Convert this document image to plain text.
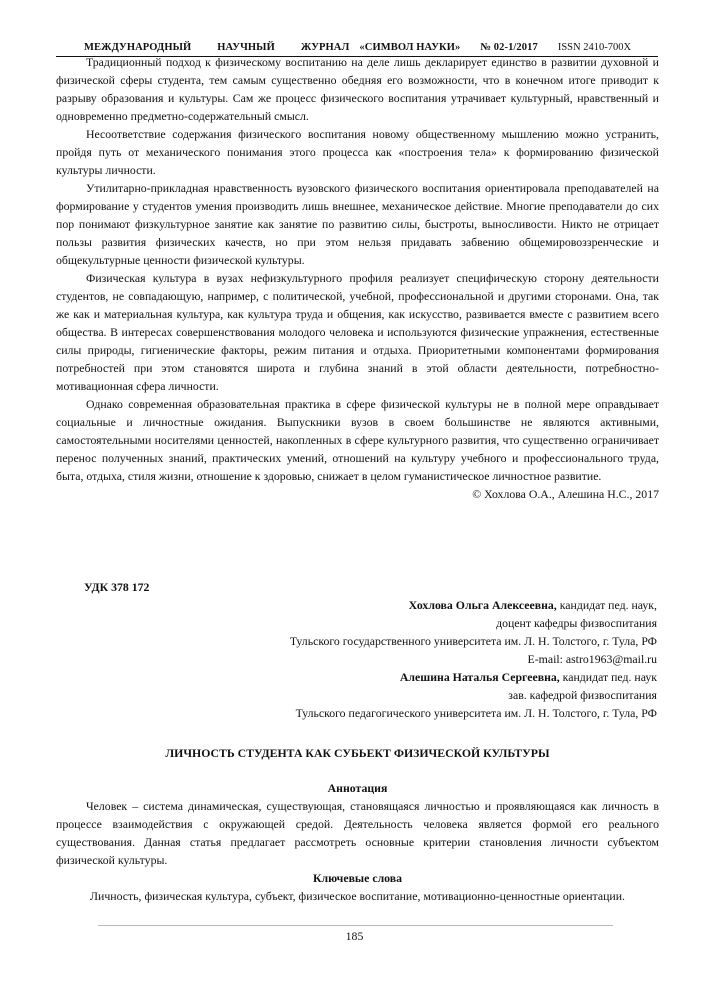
МЕЖДУНАРОДНЫЙ НАУЧНЫЙ ЖУРНАЛ «СИМВОЛ НАУКИ» № 02-1/2017 ISSN 2410-700Х

Традиционный подход к физическому воспитанию на деле лишь декларирует единство в развитии духовной и физической сферы студента, тем самым существенно обедняя его возможности, что в конечном итоге приводит к разрыву образования и культуры. Сам же процесс физического воспитания утрачивает культурный, нравственный и одновременно предметно-содержательный смысл.

Несоответствие содержания физического воспитания новому общественному мышлению можно устранить, пройдя путь от механического понимания этого процесса как «построения тела» к формированию физической культуры личности.

Утилитарно-прикладная нравственность вузовского физического воспитания ориентировала преподавателей на формирование у студентов умения производить лишь внешнее, механическое действие. Многие преподаватели до сих пор понимают физкультурное занятие как занятие по развитию силы, быстроты, выносливости. Никто не отрицает пользы развития физических качеств, но при этом нельзя придавать забвению общемировоззренческие и общекультурные ценности физической культуры.

Физическая культура в вузах нефизкультурного профиля реализует специфическую сторону деятельности студентов, не совпадающую, например, с политической, учебной, профессиональной и другими сторонами. Она, так же как и материальная культура, как культура труда и общения, как искусство, развивается вместе с развитием всего общества. В интересах совершенствования молодого человека и используются физические упражнения, естественные силы природы, гигиенические факторы, режим питания и отдыха. Приоритетными компонентами формирования потребностей при этом становятся широта и глубина знаний в этой области деятельности, потребностно-мотивационная сфера личности.

Однако современная образовательная практика в сфере физической культуры не в полной мере оправдывает социальные и личностные ожидания. Выпускники вузов в своем большинстве не являются активными, самостоятельными носителями ценностей, накопленных в сфере культурного развития, что существенно ограничивает перенос полученных знаний, практических умений, отношений на культуру учебного и профессионального труда, быта, отдыха, стиля жизни, отношение к здоровью, снижает в целом гуманистическое личностное развитие.

© Хохлова О.А., Алешина Н.С., 2017
УДК 378 172
Хохлова Ольга Алексеевна, кандидат пед. наук,
доцент кафедры физвоспитания
Тульского государственного университета им. Л. Н. Толстого, г. Тула, РФ
E-mail: astro1963@mail.ru
Алешина Наталья Сергеевна, кандидат пед. наук
зав. кафедрой физвоспитания
Тульского педагогического университета им. Л. Н. Толстого, г. Тула, РФ
ЛИЧНОСТЬ СТУДЕНТА КАК СУБЬЕКТ ФИЗИЧЕСКОЙ КУЛЬТУРЫ
Аннотация

Человек – система динамическая, существующая, становящаяся личностью и проявляющаяся как личность в процессе взаимодействия с окружающей средой. Деятельность человека является формой его реального существования. Данная статья предлагает рассмотреть основные критерии становления личности субъектом физической культуры.

Ключевые слова
Личность, физическая культура, субъект, физическое воспитание, мотивационно-ценностные ориентации.
185
